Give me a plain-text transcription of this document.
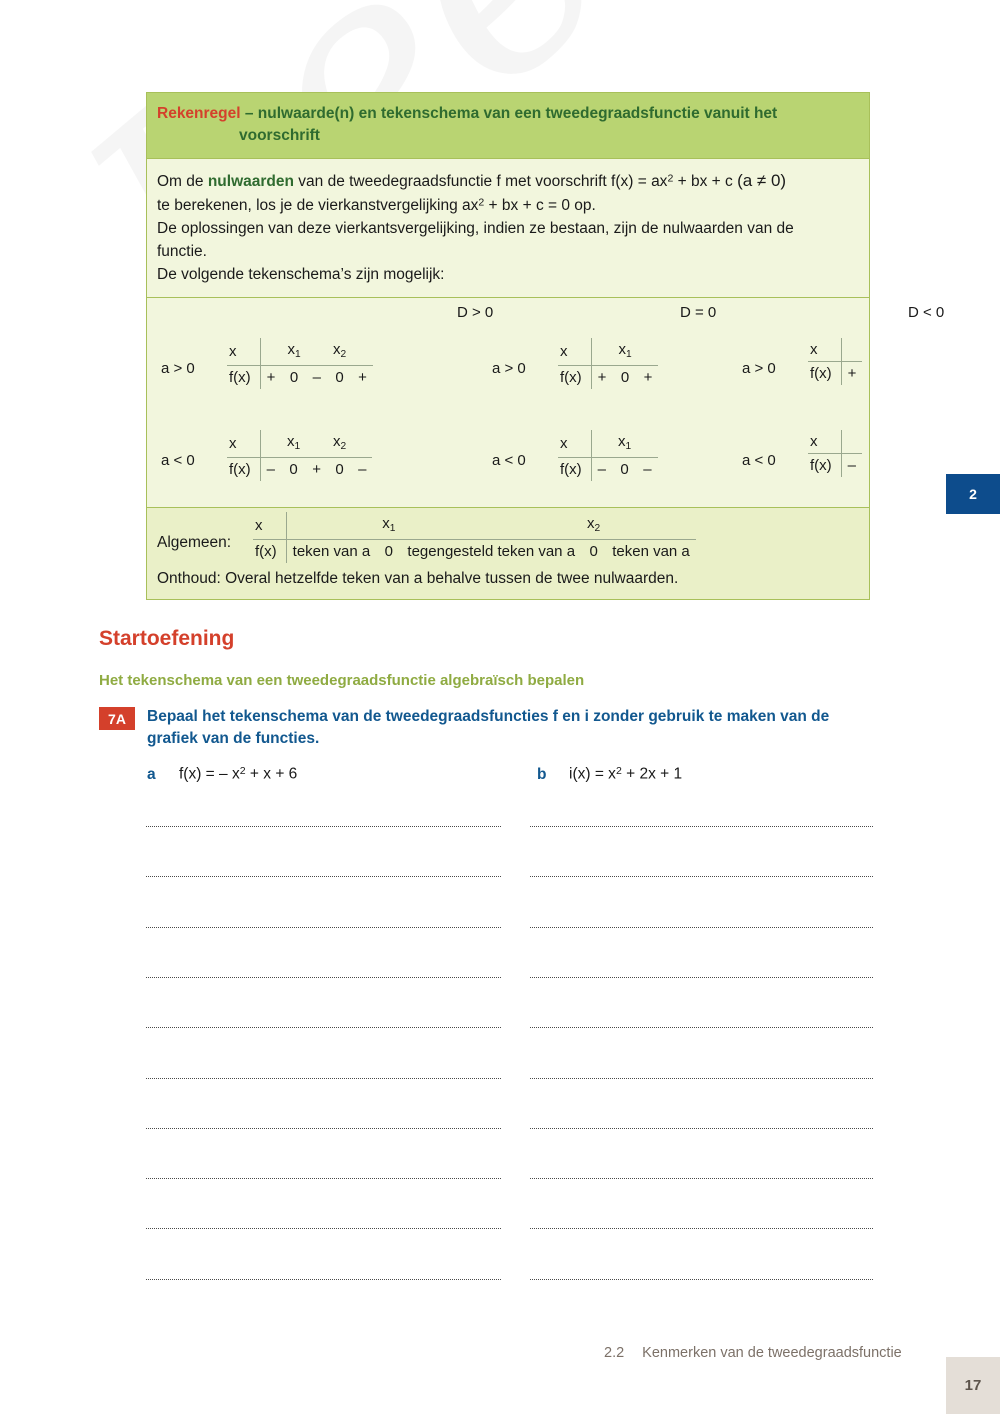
Rekenregel – nulwaarde(n) en tekenschema van een tweedegraadsfunctie vanuit het
voorschrift
Om de nulwaarden van de tweedegraadsfunctie f met voorschrift $f(x) = ax^2$ + bx + c (a ≠ 0)
te berekenen, los je de vierkanstvergelijking $ax^2$ + bx + c = 0 op.
De oplossingen van deze vierkantsvergelijking, indien ze bestaan, zijn de nulwaarden van de
functie.
De volgende tekenschema’s zijn mogelijk:
D > 0	D = 0	D < 0
a > 0
x		$x_1$		$x_2$	
f(x)	+	0	–	0	+
a > 0
x		$x_1$	
f(x)	+	0	+
a > 0
x	
f(x)	+
a < 0
x		$x_1$		$x_2$	
f(x)	–	0	+	0	–
a < 0
x		$x_1$	
f(x)	–	0	–
a < 0
x	
f(x)	–
Algemeen:
x		$x_1$		$x_2$	
f(x)	teken van a	0	tegengesteld teken van a	0	teken van a
Onthoud: Overal hetzelfde teken van a behalve tussen de twee nulwaarden.
2
Startoefening
Het tekenschema van een tweedegraadsfunctie algebraïsch bepalen
7A Bepaal het tekenschema van de tweedegraadsfuncties f en i zonder gebruik te maken van de grafiek van de functies.
a f(x) = – $x^2 + x + 6$	b $i(x) = x^2 + 2x + 1$
2.2 Kenmerken van de tweedegraadsfunctie
17
